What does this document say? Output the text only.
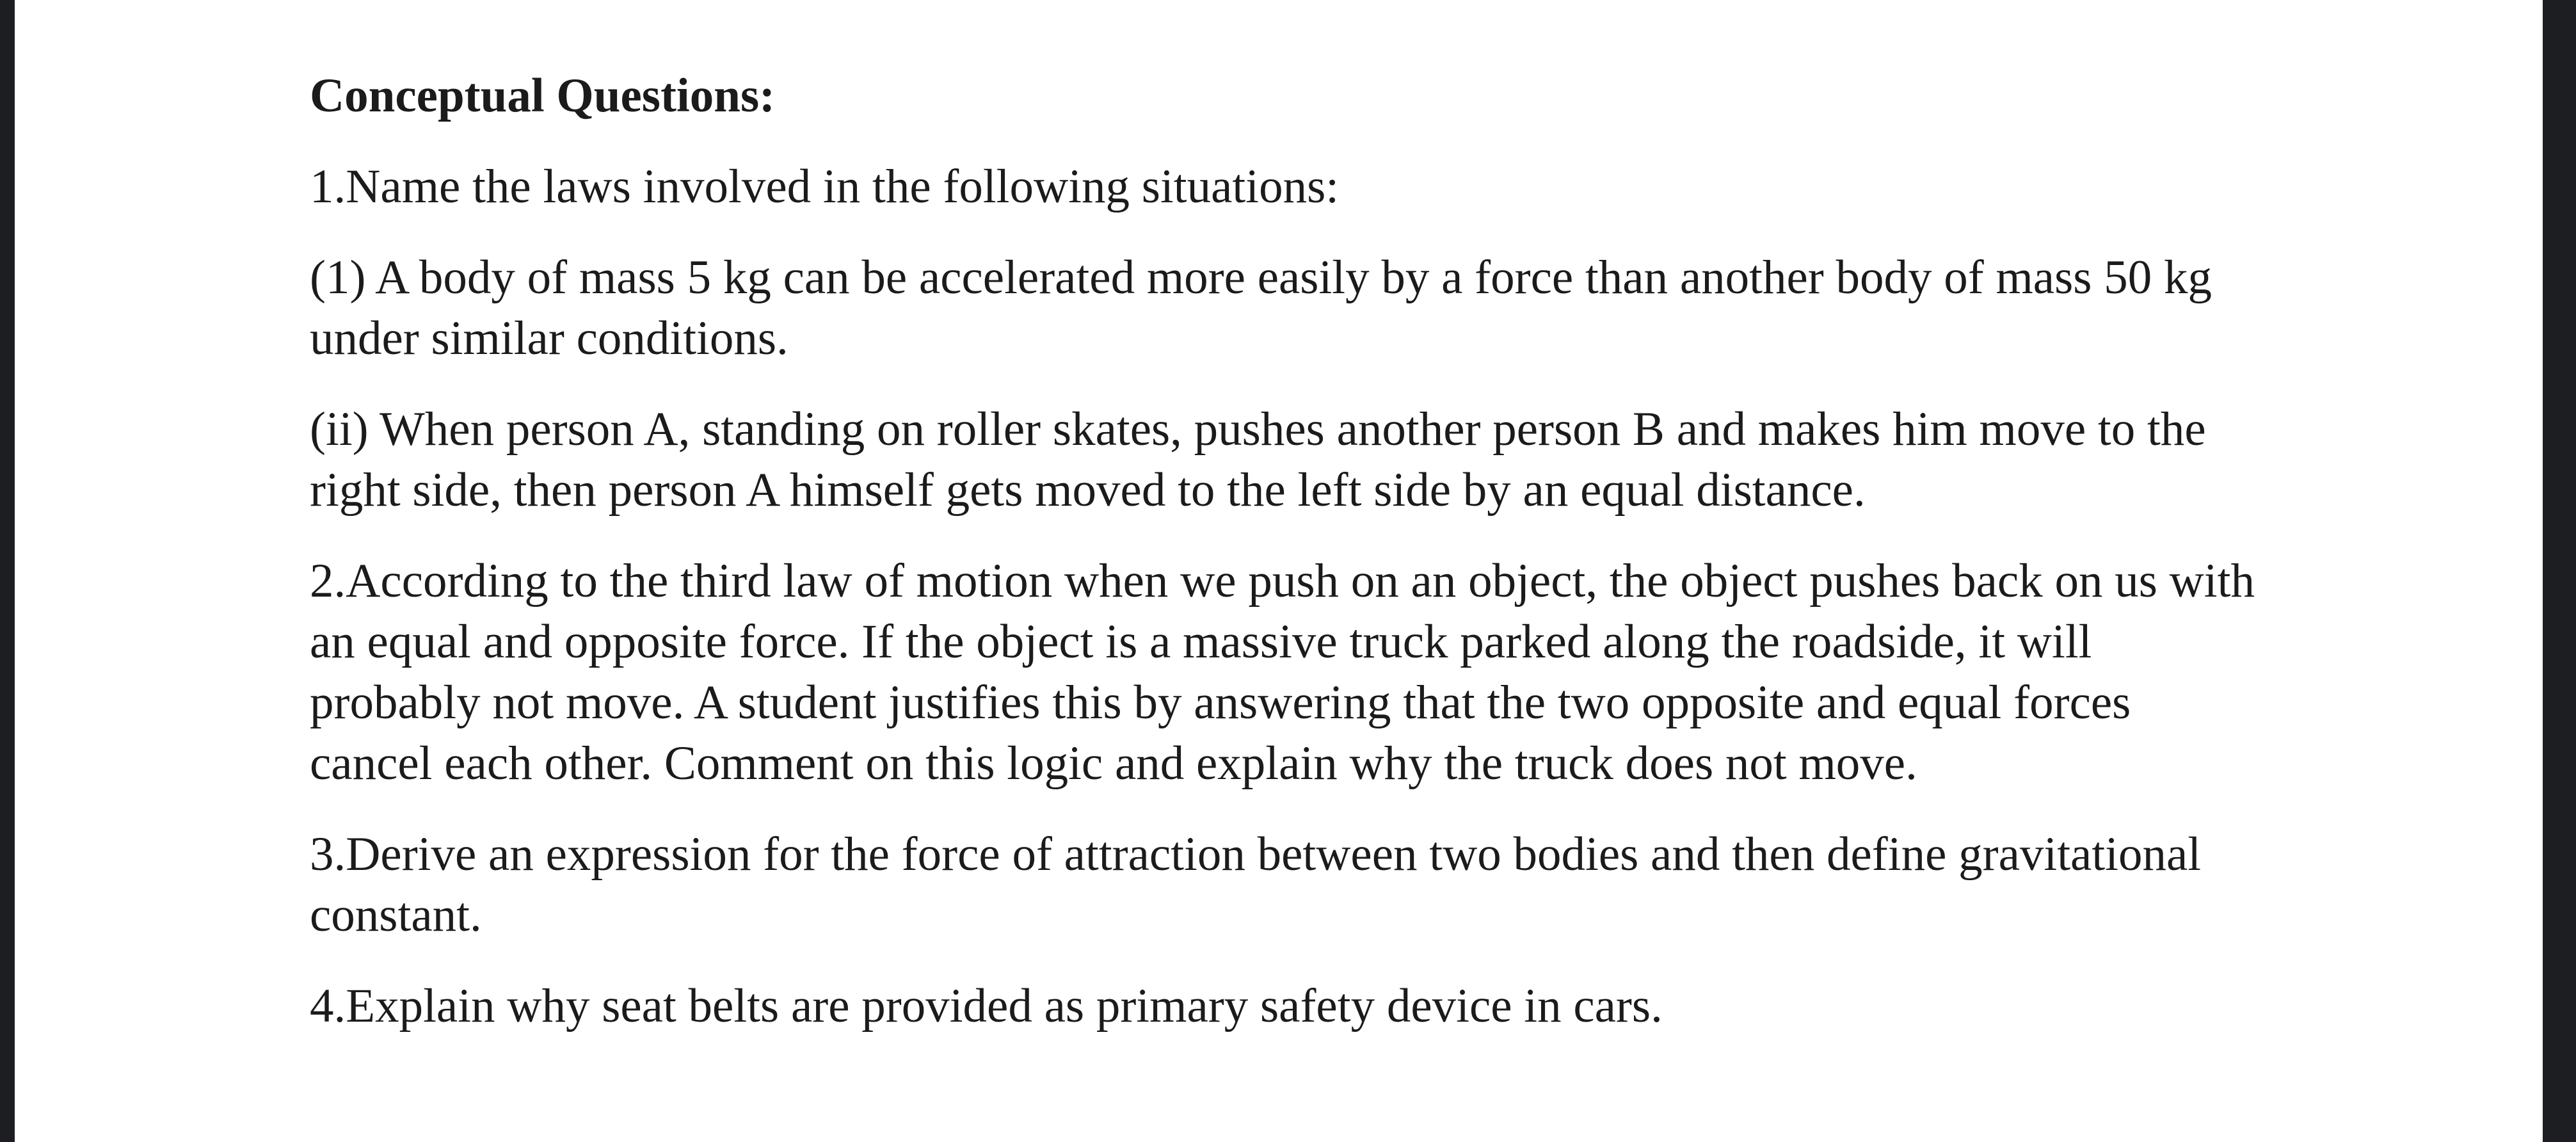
Conceptual Questions:
1.Name the laws involved in the following situations:
(1) A body of mass 5 kg can be accelerated more easily by a force than another body of mass 50 kg under similar conditions.
(ii) When person A, standing on roller skates, pushes another person B and makes him move to the right side, then person A himself gets moved to the left side by an equal distance.
2.According to the third law of motion when we push on an object, the object pushes back on us with an equal and opposite force. If the object is a massive truck parked along the roadside, it will probably not move. A student justifies this by answering that the two opposite and equal forces cancel each other. Comment on this logic and explain why the truck does not move.
3.Derive an expression for the force of attraction between two bodies and then define gravitational constant.
4.Explain why seat belts are provided as primary safety device in cars.
